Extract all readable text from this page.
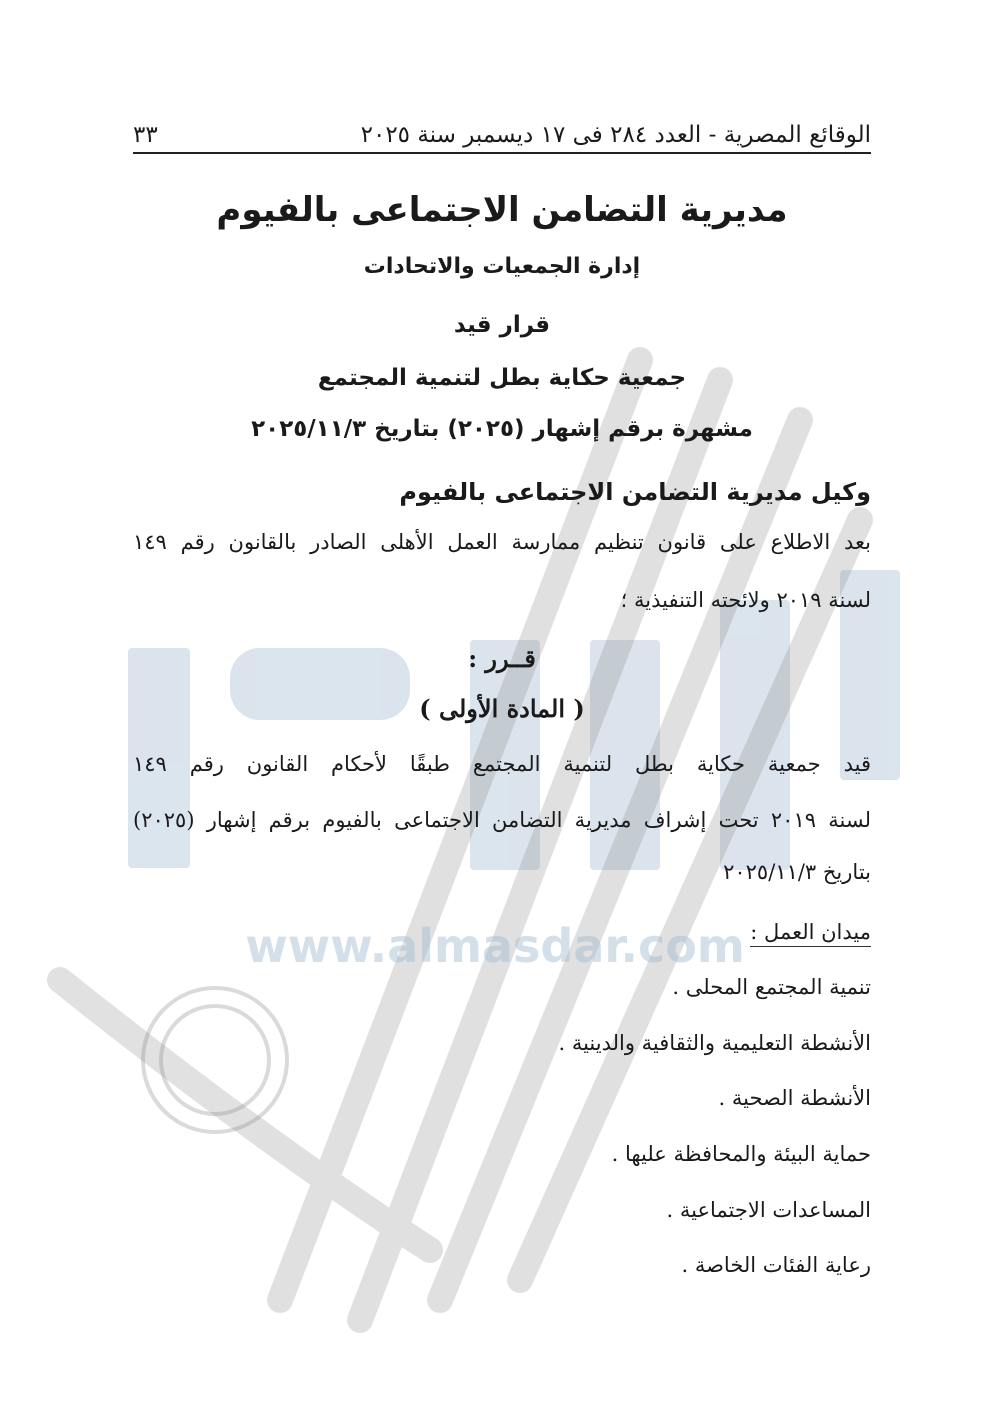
www.almasdar.com
الوقائع المصرية - العدد ٢٨٤ فى ١٧ ديسمبر سنة ٢٠٢٥
٣٣
مديرية التضامن الاجتماعى بالفيوم
إدارة الجمعيات والاتحادات
قرار قيد
جمعية حكاية بطل لتنمية المجتمع
مشهرة برقم إشهار (٢٠٢٥) بتاريخ ٢٠٢٥/١١/٣
وكيل مديرية التضامن الاجتماعى بالفيوم
بعد الاطلاع على قانون تنظيم ممارسة العمل الأهلى الصادر بالقانون رقم ١٤٩
لسنة ٢٠١٩ ولائحته التنفيذية ؛
قــرر :
( المادة الأولى )
قيد جمعية حكاية بطل لتنمية المجتمع طبقًا لأحكام القانون رقم ١٤٩
لسنة ٢٠١٩ تحت إشراف مديرية التضامن الاجتماعى بالفيوم برقم إشهار (٢٠٢٥)
بتاريخ ٢٠٢٥/١١/٣
ميدان العمل :
تنمية المجتمع المحلى .
الأنشطة التعليمية والثقافية والدينية .
الأنشطة الصحية .
حماية البيئة والمحافظة عليها .
المساعدات الاجتماعية .
رعاية الفئات الخاصة .
